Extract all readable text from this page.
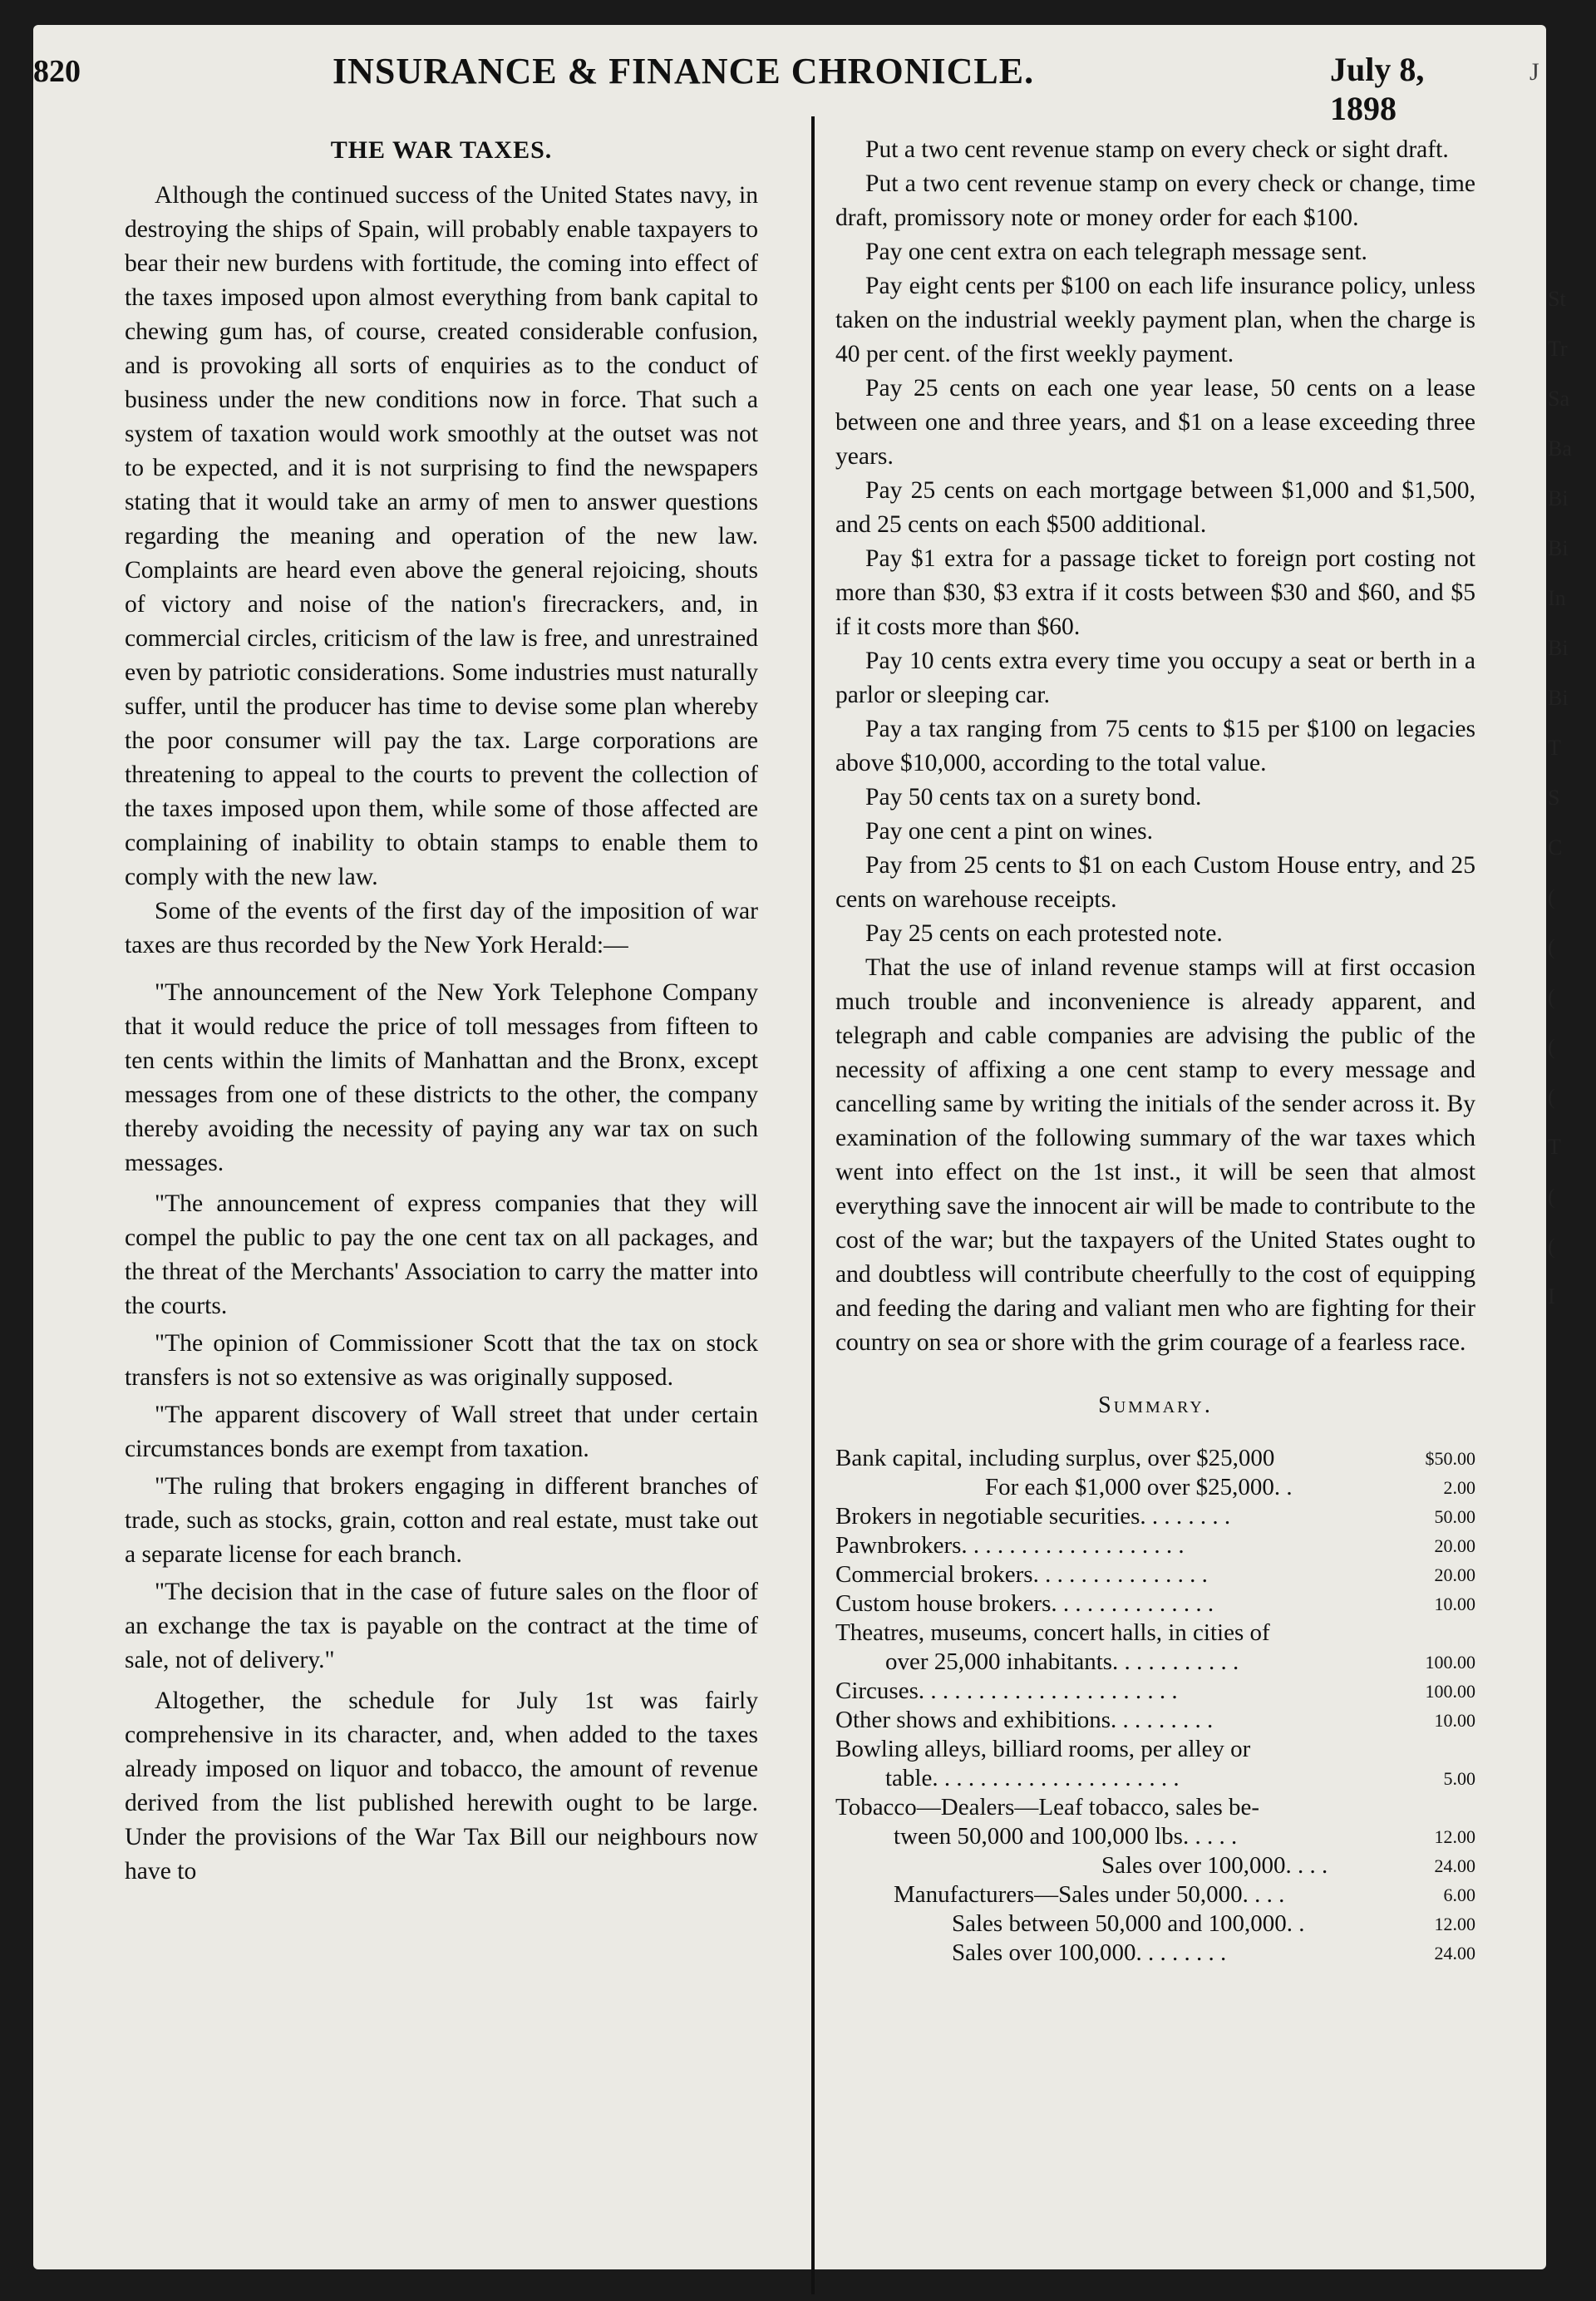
820	INSURANCE & FINANCE CHRONICLE.	July 8, 1898
J
THE WAR TAXES.

Although the continued success of the United States navy, in destroying the ships of Spain, will probably enable taxpayers to bear their new burdens with fortitude, the coming into effect of the taxes imposed upon almost everything from bank capital to chewing gum has, of course, created considerable confusion, and is provoking all sorts of enquiries as to the conduct of business under the new conditions now in force. That such a system of taxation would work smoothly at the outset was not to be expected, and it is not surprising to find the newspapers stating that it would take an army of men to answer questions regarding the meaning and operation of the new law. Complaints are heard even above the general rejoicing, shouts of victory and noise of the nation's firecrackers, and, in commercial circles, criticism of the law is free, and unrestrained even by patriotic considerations. Some industries must naturally suffer, until the producer has time to devise some plan whereby the poor consumer will pay the tax. Large corporations are threatening to appeal to the courts to prevent the collection of the taxes imposed upon them, while some of those affected are complaining of inability to obtain stamps to enable them to comply with the new law.

Some of the events of the first day of the imposition of war taxes are thus recorded by the New York Herald:—

"The announcement of the New York Telephone Company that it would reduce the price of toll messages from fifteen to ten cents within the limits of Manhattan and the Bronx, except messages from one of these districts to the other, the company thereby avoiding the necessity of paying any war tax on such messages.

"The announcement of express companies that they will compel the public to pay the one cent tax on all packages, and the threat of the Merchants' Association to carry the matter into the courts.

"The opinion of Commissioner Scott that the tax on stock transfers is not so extensive as was originally supposed.

"The apparent discovery of Wall street that under certain circumstances bonds are exempt from taxation.

"The ruling that brokers engaging in different branches of trade, such as stocks, grain, cotton and real estate, must take out a separate license for each branch.

"The decision that in the case of future sales on the floor of an exchange the tax is payable on the contract at the time of sale, not of delivery."

Altogether, the schedule for July 1st was fairly comprehensive in its character, and, when added to the taxes already imposed on liquor and tobacco, the amount of revenue derived from the list published herewith ought to be large. Under the provisions of the War Tax Bill our neighbours now have to

Put a two cent revenue stamp on every check or sight draft.

Put a two cent revenue stamp on every check or change, time draft, promissory note or money order for each $100.

Pay one cent extra on each telegraph message sent.

Pay eight cents per $100 on each life insurance policy, unless taken on the industrial weekly payment plan, when the charge is 40 per cent. of the first weekly payment.

Pay 25 cents on each one year lease, 50 cents on a lease between one and three years, and $1 on a lease exceeding three years.

Pay 25 cents on each mortgage between $1,000 and $1,500, and 25 cents on each $500 additional.

Pay $1 extra for a passage ticket to foreign port costing not more than $30, $3 extra if it costs between $30 and $60, and $5 if it costs more than $60.

Pay 10 cents extra every time you occupy a seat or berth in a parlor or sleeping car.

Pay a tax ranging from 75 cents to $15 per $100 on legacies above $10,000, according to the total value.

Pay 50 cents tax on a surety bond.

Pay one cent a pint on wines.

Pay from 25 cents to $1 on each Custom House entry, and 25 cents on warehouse receipts.

Pay 25 cents on each protested note.

That the use of inland revenue stamps will at first occasion much trouble and inconvenience is already apparent, and telegraph and cable companies are advising the public of the necessity of affixing a one cent stamp to every message and cancelling same by writing the initials of the sender across it. By examination of the following summary of the war taxes which went into effect on the 1st inst., it will be seen that almost everything save the innocent air will be made to contribute to the cost of the war; but the taxpayers of the United States ought to and doubtless will contribute cheerfully to the cost of equipping and feeding the daring and valiant men who are fighting for their country on sea or shore with the grim courage of a fearless race.

Summary.
Bank capital, including surplus, over $25,000	$50.00
For each $1,000 over $25,000. .	2.00
Brokers in negotiable securities. . . . . . . .	50.00
Pawnbrokers. . . . . . . . . . . . . . . . . . .	20.00
Commercial brokers. . . . . . . . . . . . . . .	20.00
Custom house brokers. . . . . . . . . . . . . .	10.00
Theatres, museums, concert halls, in cities of	
over 25,000 inhabitants. . . . . . . . . . .	100.00
Circuses. . . . . . . . . . . . . . . . . . . . . .	100.00
Other shows and exhibitions. . . . . . . . .	10.00
Bowling alleys, billiard rooms, per alley or	
table. . . . . . . . . . . . . . . . . . . . .	5.00
Tobacco—Dealers—Leaf tobacco, sales be-	
tween 50,000 and 100,000 lbs. . . . .	12.00
Sales over 100,000. . . .	24.00
Manufacturers—Sales under 50,000. . . .	6.00
Sales between 50,000 and 100,000. .	12.00
Sales over 100,000. . . . . . . .	24.00
St
Tr
Sa
Ba
Bi
Bi
In
Bi
Bi
T
S
C
(
(
(
(
(
T
(
(
I
